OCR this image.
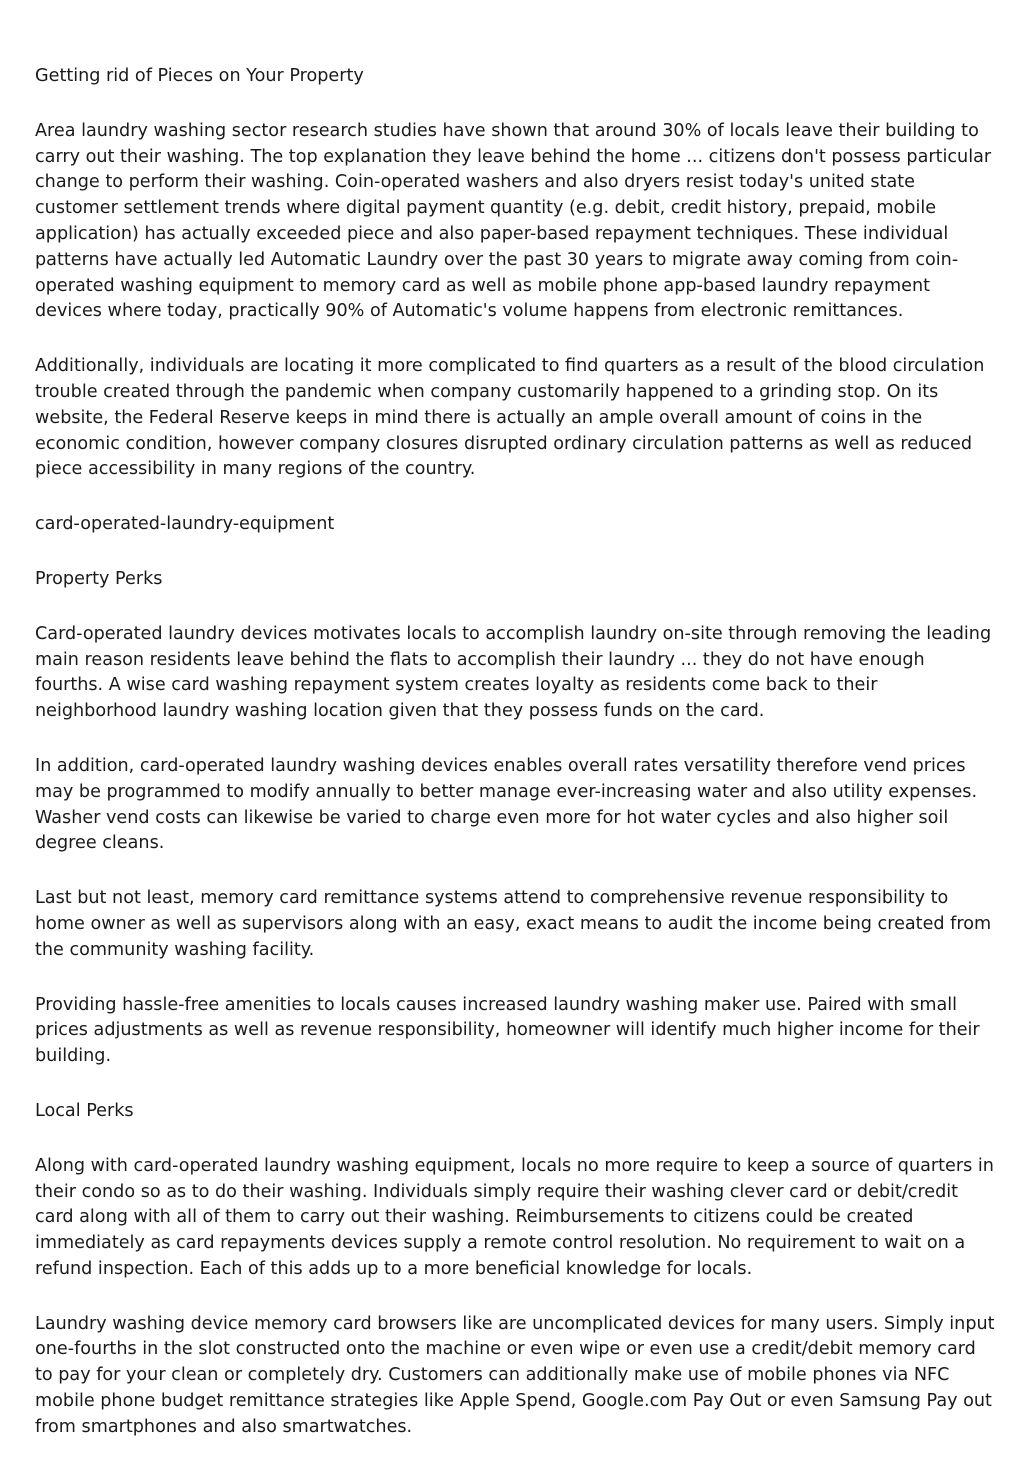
Getting rid of Pieces on Your Property

Area laundry washing sector research studies have shown that around 30% of locals leave their building to carry out their washing. The top explanation they leave behind the home ... citizens don't possess particular change to perform their washing. Coin-operated washers and also dryers resist today's united state customer settlement trends where digital payment quantity (e.g. debit, credit history, prepaid, mobile application) has actually exceeded piece and also paper-based repayment techniques. These individual patterns have actually led Automatic Laundry over the past 30 years to migrate away coming from coin-operated washing equipment to memory card as well as mobile phone app-based laundry repayment devices where today, practically 90% of Automatic's volume happens from electronic remittances.

Additionally, individuals are locating it more complicated to find quarters as a result of the blood circulation trouble created through the pandemic when company customarily happened to a grinding stop. On its website, the Federal Reserve keeps in mind there is actually an ample overall amount of coins in the economic condition, however company closures disrupted ordinary circulation patterns as well as reduced piece accessibility in many regions of the country.

card-operated-laundry-equipment

Property Perks

Card-operated laundry devices motivates locals to accomplish laundry on-site through removing the leading main reason residents leave behind the flats to accomplish their laundry ... they do not have enough fourths. A wise card washing repayment system creates loyalty as residents come back to their neighborhood laundry washing location given that they possess funds on the card.

In addition, card-operated laundry washing devices enables overall rates versatility therefore vend prices may be programmed to modify annually to better manage ever-increasing water and also utility expenses. Washer vend costs can likewise be varied to charge even more for hot water cycles and also higher soil degree cleans.

Last but not least, memory card remittance systems attend to comprehensive revenue responsibility to home owner as well as supervisors along with an easy, exact means to audit the income being created from the community washing facility.

Providing hassle-free amenities to locals causes increased laundry washing maker use. Paired with small prices adjustments as well as revenue responsibility, homeowner will identify much higher income for their building.

Local Perks

Along with card-operated laundry washing equipment, locals no more require to keep a source of quarters in their condo so as to do their washing. Individuals simply require their washing clever card or debit/credit card along with all of them to carry out their washing. Reimbursements to citizens could be created immediately as card repayments devices supply a remote control resolution. No requirement to wait on a refund inspection. Each of this adds up to a more beneficial knowledge for locals.

Laundry washing device memory card browsers like are uncomplicated devices for many users. Simply input one-fourths in the slot constructed onto the machine or even wipe or even use a credit/debit memory card to pay for your clean or completely dry. Customers can additionally make use of mobile phones via NFC mobile phone budget remittance strategies like Apple Spend, Google.com Pay Out or even Samsung Pay out from smartphones and also smartwatches.
